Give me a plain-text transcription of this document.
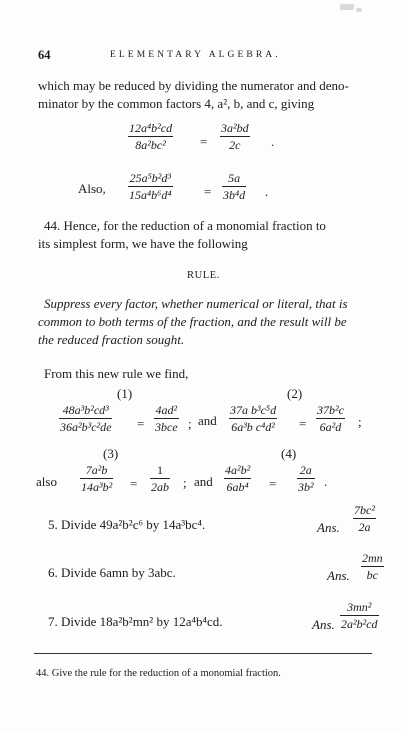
64	ELEMENTARY ALGEBRA.
which may be reduced by dividing the numerator and deno-
minator by the common factors 4, a², b, and c, giving
12a⁴b²cd
8a²bc²	=
3a²bd
2c .
Also,
25a⁵b²d³
15a⁴b⁶d⁴ =
5a
3b⁴d .
44. Hence, for the reduction of a monomial fraction to
its simplest form, we have the following
RULE.
Suppress every factor, whether numerical or literal, that is
common to both terms of the fraction, and the result will be
the reduced fraction sought.
From this new rule we find,
(1)	(2)
48a³b²cd³
36a²b³c²de =
4ad²
3bce ; and
37a b³c⁵d
6a³b c⁴d² =
37b²c
6a²d ;
(3)	(4)
also
7a²b
14a³b² =
1
2ab ; and
4a²b²
6ab⁴ =
2a
3b² .
5. Divide 49a²b²c⁶ by 14a³bc⁴.	Ans.
7bc²
2a
6. Divide 6amn by 3abc.	Ans.
2mn
bc
7. Divide 18a²b²mn² by 12a⁴b⁴cd.	Ans.
3mn²
2a²b²cd
44. Give the rule for the reduction of a monomial fraction.
